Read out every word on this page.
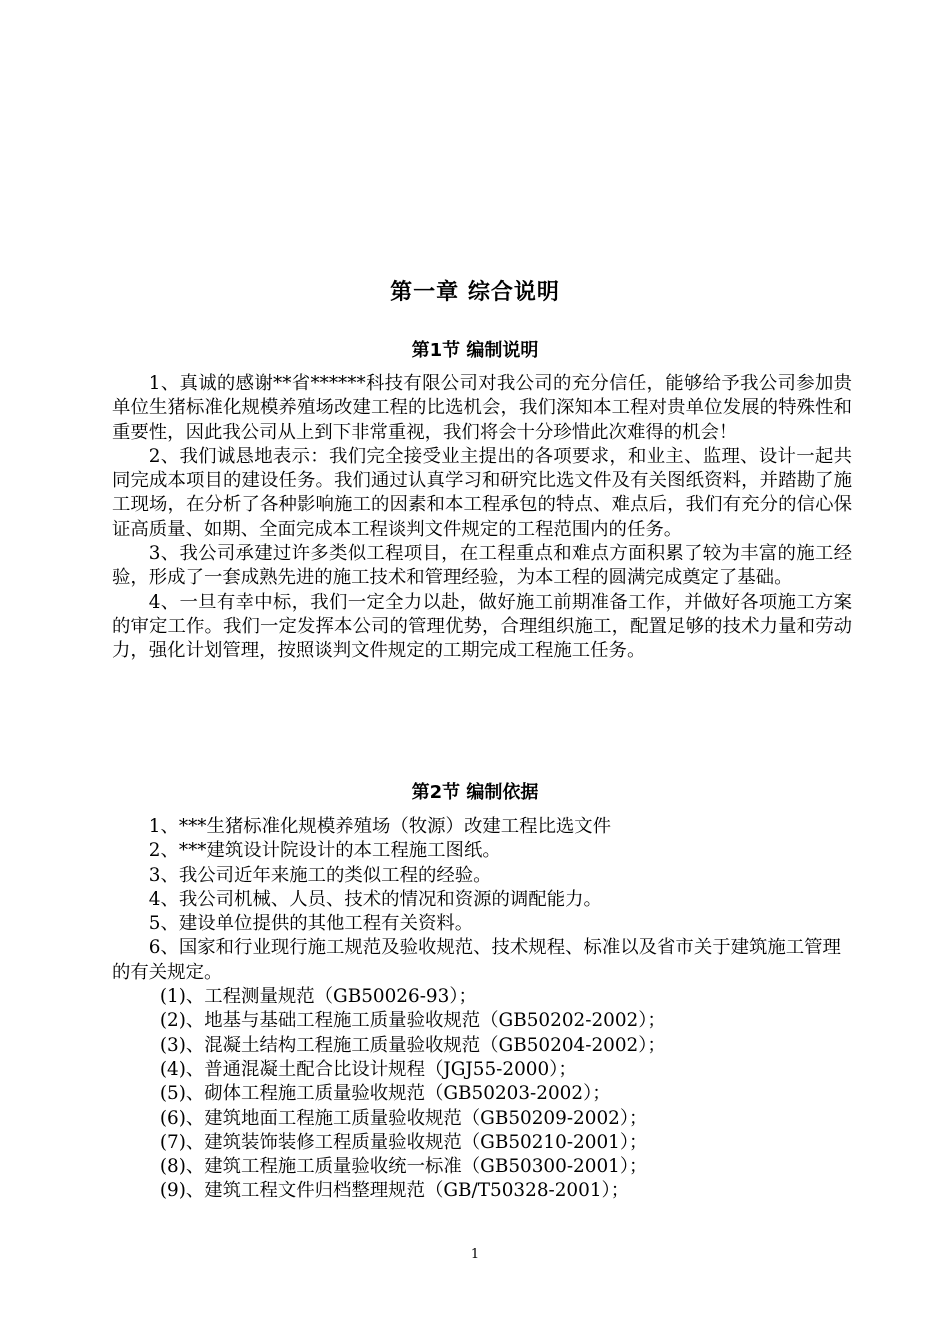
第一章 综合说明
第1节 编制说明

1、真诚的感谢**省******科技有限公司对我公司的充分信任，能够给予我公司参加贵单位生猪标准化规模养殖场改建工程的比选机会，我们深知本工程对贵单位发展的特殊性和重要性，因此我公司从上到下非常重视，我们将会十分珍惜此次难得的机会！

2、我们诚恳地表示：我们完全接受业主提出的各项要求，和业主、监理、设计一起共同完成本项目的建设任务。我们通过认真学习和研究比选文件及有关图纸资料，并踏勘了施工现场，在分析了各种影响施工的因素和本工程承包的特点、难点后，我们有充分的信心保证高质量、如期、全面完成本工程谈判文件规定的工程范围内的任务。

3、我公司承建过许多类似工程项目，在工程重点和难点方面积累了较为丰富的施工经验，形成了一套成熟先进的施工技术和管理经验，为本工程的圆满完成奠定了基础。

4、一旦有幸中标，我们一定全力以赴，做好施工前期准备工作，并做好各项施工方案的审定工作。我们一定发挥本公司的管理优势，合理组织施工，配置足够的技术力量和劳动力，强化计划管理，按照谈判文件规定的工期完成工程施工任务。

第2节 编制依据

1、***生猪标准化规模养殖场（牧源）改建工程比选文件

2、***建筑设计院设计的本工程施工图纸。

3、我公司近年来施工的类似工程的经验。

4、我公司机械、人员、技术的情况和资源的调配能力。

5、建设单位提供的其他工程有关资料。

6、国家和行业现行施工规范及验收规范、技术规程、标准以及省市关于建筑施工管理的有关规定。

(1)、工程测量规范（GB50026-93）；

(2)、地基与基础工程施工质量验收规范（GB50202-2002）；

(3)、混凝土结构工程施工质量验收规范（GB50204-2002）；

(4)、普通混凝土配合比设计规程（JGJ55-2000）；

(5)、砌体工程施工质量验收规范（GB50203-2002）；

(6)、建筑地面工程施工质量验收规范（GB50209-2002）；

(7)、建筑装饰装修工程质量验收规范（GB50210-2001）；

(8)、建筑工程施工质量验收统一标准（GB50300-2001）；

(9)、建筑工程文件归档整理规范（GB/T50328-2001）；

1
